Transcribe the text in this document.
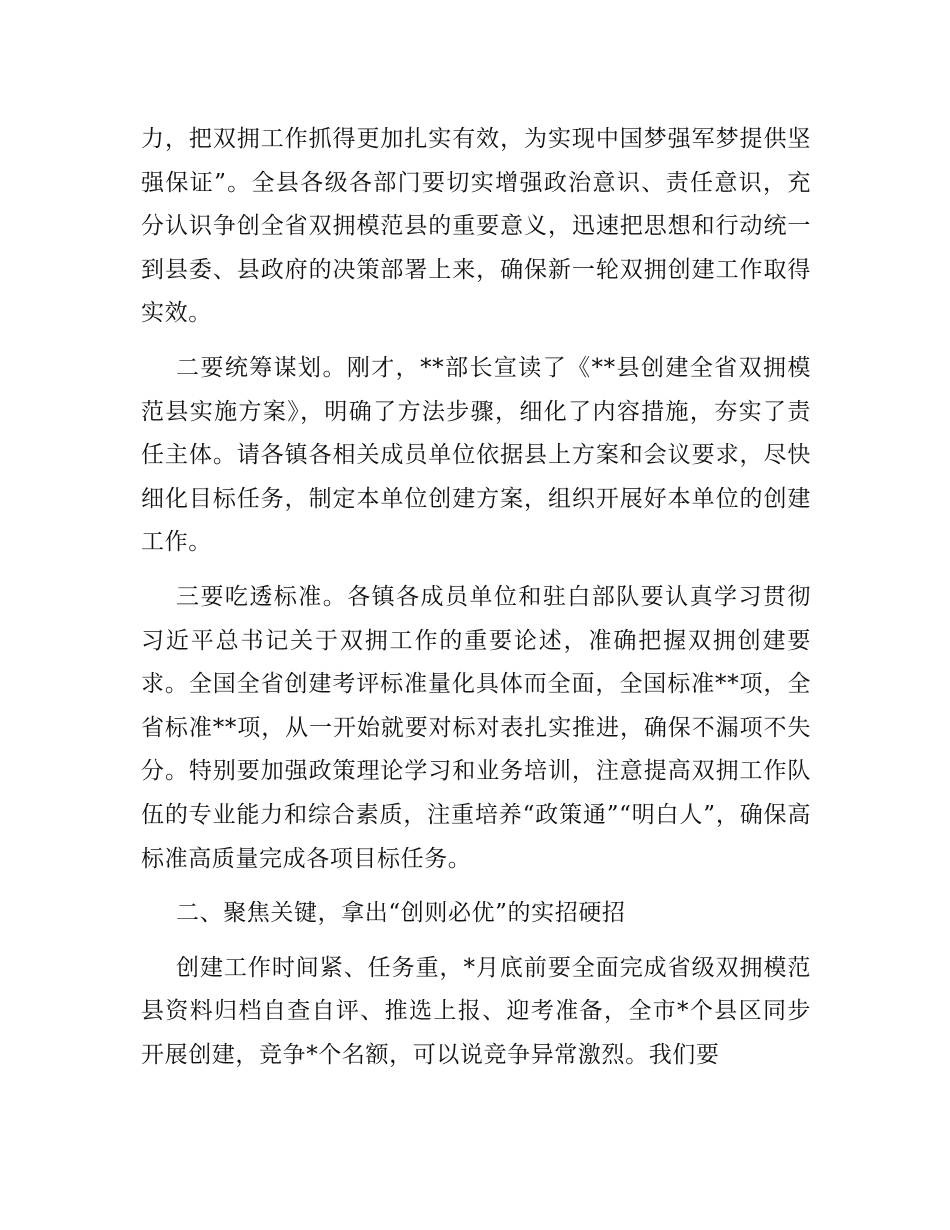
力，把双拥工作抓得更加扎实有效，为实现中国梦强军梦提供坚强保证”。全县各级各部门要切实增强政治意识、责任意识，充分认识争创全省双拥模范县的重要意义，迅速把思想和行动统一到县委、县政府的决策部署上来，确保新一轮双拥创建工作取得实效。

二要统筹谋划。刚才，**部长宣读了《**县创建全省双拥模范县实施方案》，明确了方法步骤，细化了内容措施，夯实了责任主体。请各镇各相关成员单位依据县上方案和会议要求，尽快细化目标任务，制定本单位创建方案，组织开展好本单位的创建工作。

三要吃透标准。各镇各成员单位和驻白部队要认真学习贯彻习近平总书记关于双拥工作的重要论述，准确把握双拥创建要求。全国全省创建考评标准量化具体而全面，全国标准**项，全省标准**项，从一开始就要对标对表扎实推进，确保不漏项不失分。特别要加强政策理论学习和业务培训，注意提高双拥工作队伍的专业能力和综合素质，注重培养“政策通”“明白人”，确保高标准高质量完成各项目标任务。

二、聚焦关键，拿出“创则必优”的实招硬招

创建工作时间紧、任务重，*月底前要全面完成省级双拥模范县资料归档自查自评、推选上报、迎考准备，全市*个县区同步开展创建，竞争*个名额，可以说竞争异常激烈。我们要
